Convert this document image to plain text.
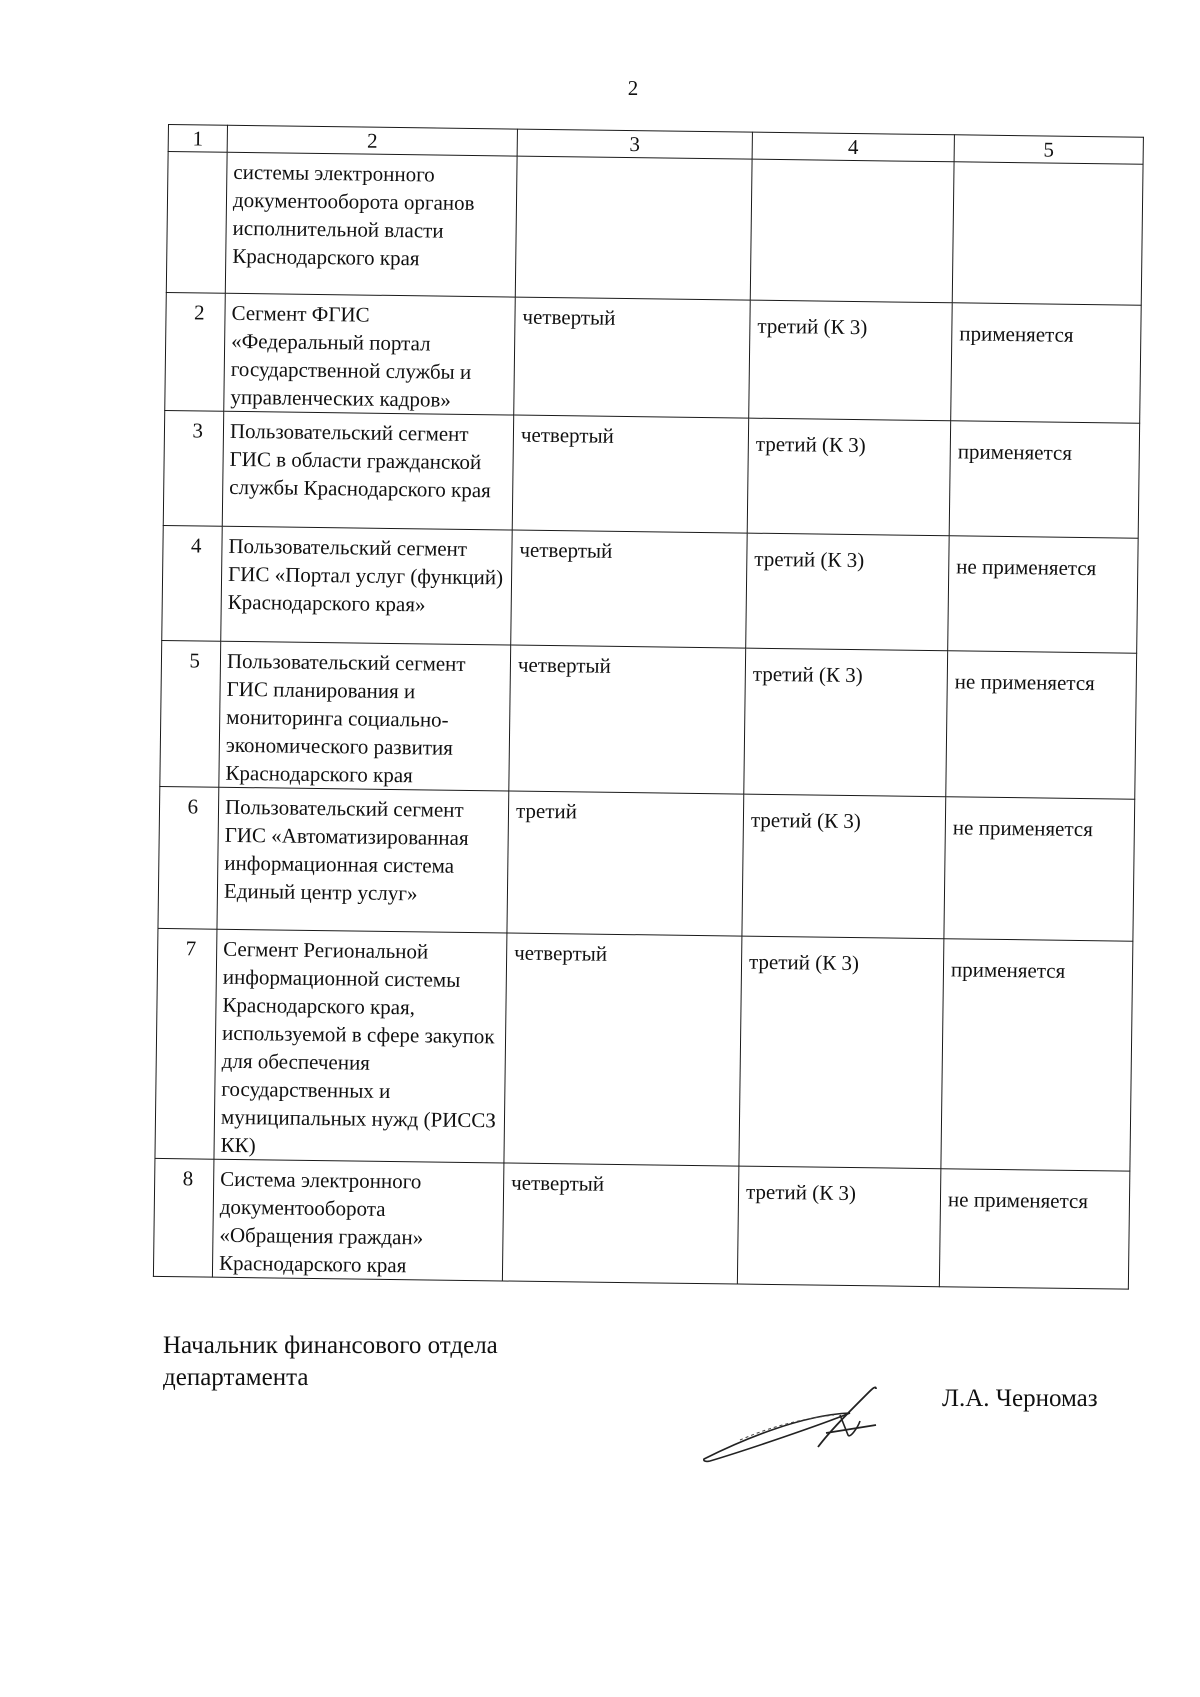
2
1	2	3	4	5
	системы электронного документооборота органов исполнительной власти Краснодарского края			
2	Сегмент ФГИС «Федеральный портал государственной службы и управленческих кадров»	четвертый	третий (К 3)	применяется
3	Пользовательский сегмент ГИС в области гражданской службы Краснодарского края	четвертый	третий (К 3)	применяется
4	Пользовательский сегмент ГИС «Портал услуг (функций) Краснодарского края»	четвертый	третий (К 3)	не применяется
5	Пользовательский сегмент ГИС планирования и мониторинга социально-экономического развития Краснодарского края	четвертый	третий (К 3)	не применяется
6	Пользовательский сегмент ГИС «Автоматизированная информационная система Единый центр услуг»	третий	третий (К 3)	не применяется
7	Сегмент Региональной информационной системы Краснодарского края, используемой в сфере закупок для обеспечения государственных и муниципальных нужд (РИССЗ КК)	четвертый	третий (К 3)	применяется
8	Система электронного документооборота «Обращения граждан» Краснодарского края	четвертый	третий (К 3)	не применяется
Начальник финансового отдела
департамента
Л.А. Черномаз
